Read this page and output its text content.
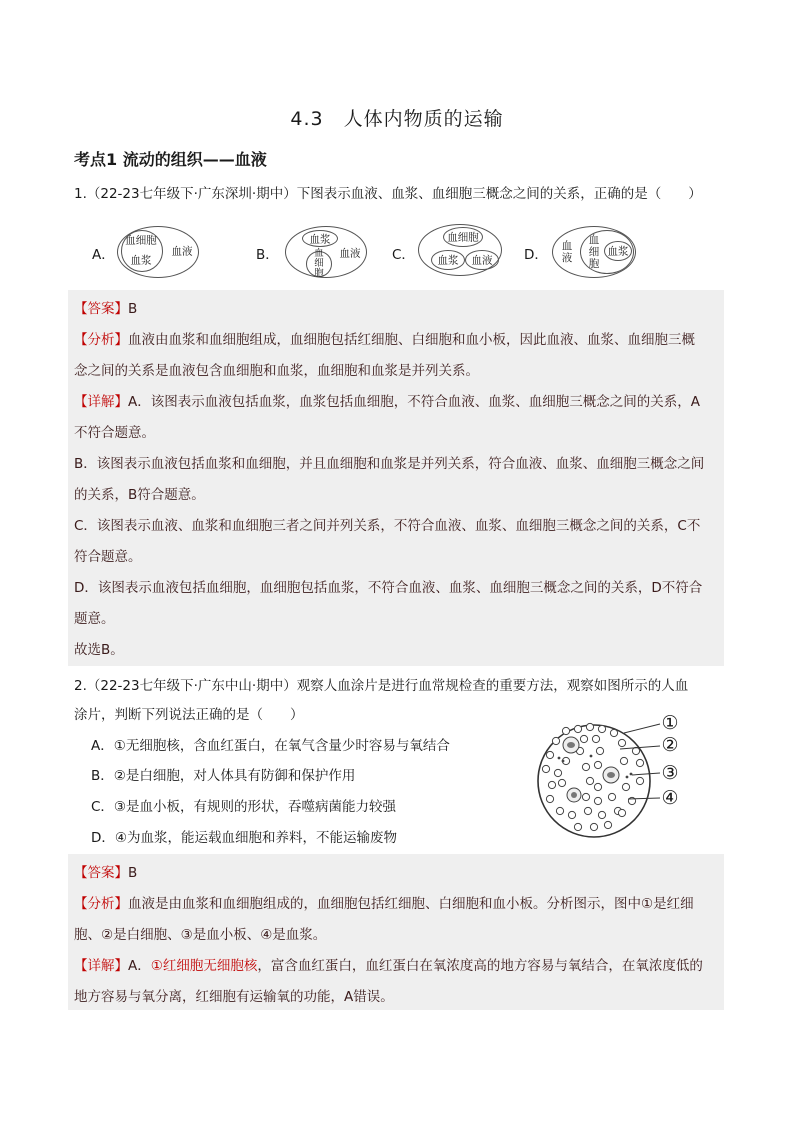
4.3 人体内物质的运输
考点1 流动的组织——血液
1.（22-23七年级下·广东深圳·期中）下图表示血液、血浆、血细胞三概念之间的关系，正确的是（　　）
A．
血细胞
血浆
血液	B．
血浆
血细胞
血液 C．
血细胞
血浆 血液 D．
血液
血细胞
血浆
【答案】B
【分析】血液由血浆和血细胞组成，血细胞包括红细胞、白细胞和血小板，因此血液、血浆、血细胞三概
念之间的关系是血液包含血细胞和血浆，血细胞和血浆是并列关系。
【详解】A．该图表示血液包括血浆，血浆包括血细胞，不符合血液、血浆、血细胞三概念之间的关系，A
不符合题意。
B．该图表示血液包括血浆和血细胞，并且血细胞和血浆是并列关系，符合血液、血浆、血细胞三概念之间
的关系，B符合题意。
C．该图表示血液、血浆和血细胞三者之间并列关系，不符合血液、血浆、血细胞三概念之间的关系，C不
符合题意。
D．该图表示血液包括血细胞，血细胞包括血浆，不符合血液、血浆、血细胞三概念之间的关系，D不符合
题意。
故选B。
2.（22-23七年级下·广东中山·期中）观察人血涂片是进行血常规检查的重要方法，观察如图所示的人血
涂片，判断下列说法正确的是（　　）
A．①无细胞核，含血红蛋白，在氧气含量少时容易与氧结合
B．②是白细胞，对人体具有防御和保护作用
C．③是血小板，有规则的形状，吞噬病菌能力较强
D．④为血浆，能运载血细胞和养料，不能运输废物
①
②
③
④
【答案】B
【分析】血液是由血浆和血细胞组成的，血细胞包括红细胞、白细胞和血小板。分析图示，图中①是红细
胞、②是白细胞、③是血小板、④是血浆。
【详解】A．①红细胞无细胞核，富含血红蛋白，血红蛋白在氧浓度高的地方容易与氧结合，在氧浓度低的
地方容易与氧分离，红细胞有运输氧的功能，A错误。
